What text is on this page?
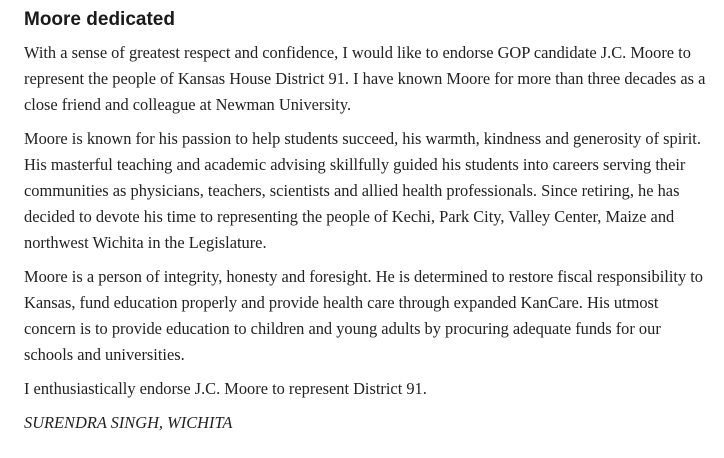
Moore dedicated

With a sense of greatest respect and confidence, I would like to endorse GOP candidate J.C. Moore to represent the people of Kansas House District 91. I have known Moore for more than three decades as a close friend and colleague at Newman University.

Moore is known for his passion to help students succeed, his warmth, kindness and generosity of spirit. His masterful teaching and academic advising skillfully guided his students into careers serving their communities as physicians, teachers, scientists and allied health professionals. Since retiring, he has decided to devote his time to representing the people of Kechi, Park City, Valley Center, Maize and northwest Wichita in the Legislature.

Moore is a person of integrity, honesty and foresight. He is determined to restore fiscal responsibility to Kansas, fund education properly and provide health care through expanded KanCare. His utmost concern is to provide education to children and young adults by procuring adequate funds for our schools and universities.

I enthusiastically endorse J.C. Moore to represent District 91.

SURENDRA SINGH, WICHITA
